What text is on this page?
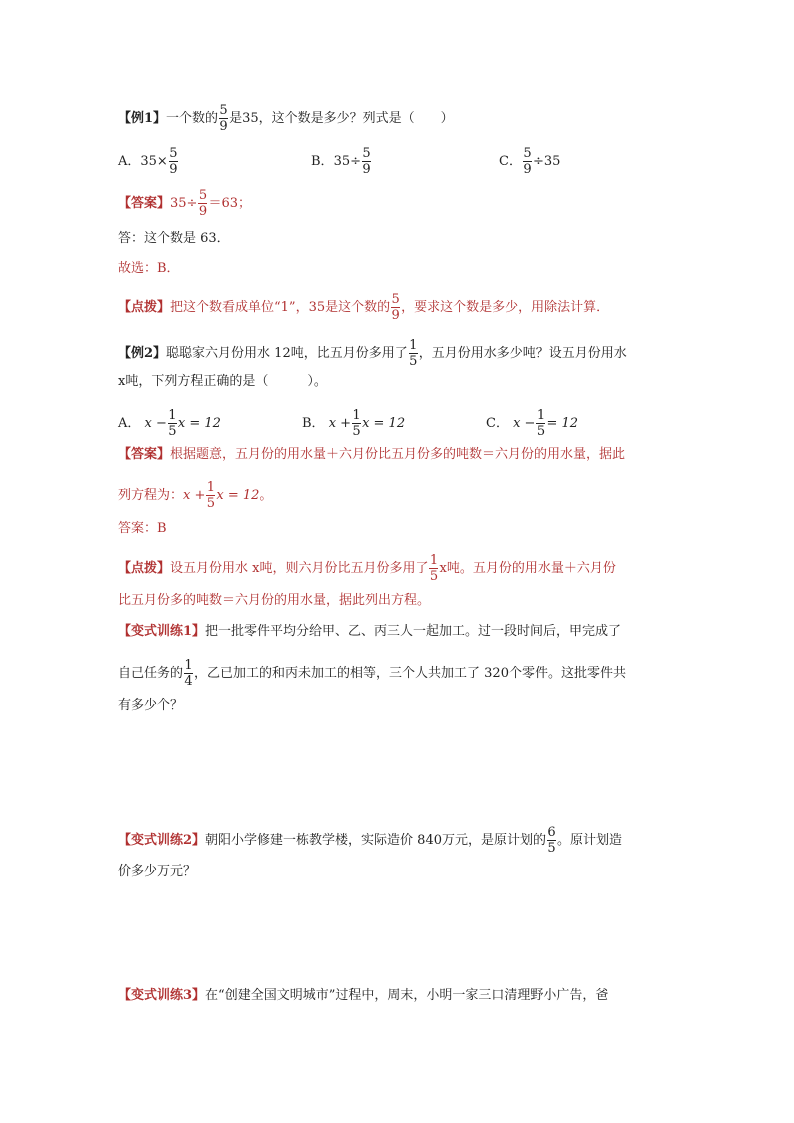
【例1】一个数的 $\frac{5}{9}$ 是35，这个数是多少？列式是（　　）
A．$35\times \frac{5}{9}$	B．$35\div \frac{5}{9}$	C． $\frac{5}{9} \div 35$
【答案】$35\div \frac{5}{9} =63$；
答：这个数是 63．
故选：B．
【点拨】把这个数看成单位“1”，35是这个数的 $\frac{5}{9}$ ，要求这个数是多少，用除法计算．
【例2】聪聪家六月份用水 12吨，比五月份多用了 $\frac{1}{5}$ ，五月份用水多少吨？设五月份用水
x吨，下列方程正确的是（　　　）。
A． $x - \frac{1}{5}$ x = 12	B． $x + \frac{1}{5}$ x = 12	C． $x - \frac{1}{5} = 12$
【答案】根据题意，五月份的用水量＋六月份比五月份多的吨数＝六月份的用水量，据此
列方程为：$x + \frac{1}{5}$ x = 12。
答案：B
【点拨】设五月份用水 x吨，则六月份比五月份多用了 $\frac{1}{5}$ x吨。五月份的用水量＋六月份
比五月份多的吨数＝六月份的用水量，据此列出方程。
【变式训练1】把一批零件平均分给甲、乙、丙三人一起加工。过一段时间后，甲完成了
自己任务的 $\frac{1}{4}$ ，乙已加工的和丙未加工的相等，三个人共加工了 320个零件。这批零件共
有多少个？
【变式训练2】朝阳小学修建一栋教学楼，实际造价 840万元，是原计划的 $\frac{6}{5}$ 。原计划造
价多少万元？
【变式训练3】在“创建全国文明城市”过程中，周末，小明一家三口清理野小广告，爸
